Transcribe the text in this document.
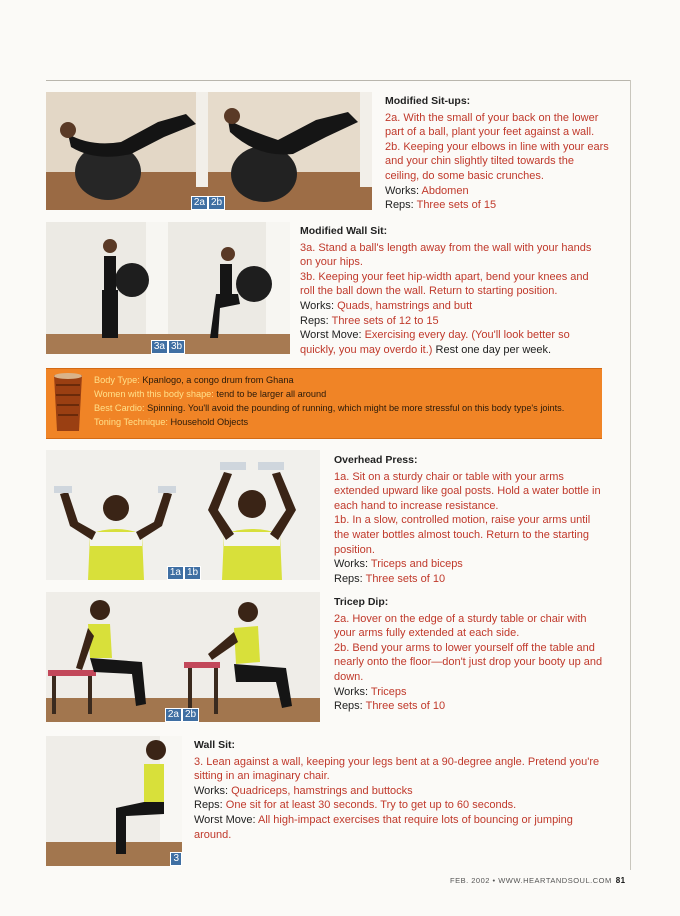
2a 2b

Modified Sit-ups:

2a. With the small of your back on the lower part of a ball, plant your feet against a wall.

2b. Keeping your elbows in line with your ears and your chin slightly tilted towards the ceiling, do some basic crunches.

Works: Abdomen

Reps: Three sets of 15

3a 3b

Modified Wall Sit:

3a. Stand a ball's length away from the wall with your hands on your hips.

3b. Keeping your feet hip-width apart, bend your knees and roll the ball down the wall. Return to starting position.

Works: Quads, hamstrings and butt

Reps: Three sets of 12 to 15

Worst Move: Exercising every day. (You'll look better so quickly, you may overdo it.) Rest one day per week.

Body Type: Kpanlogo, a congo drum from Ghana
Women with this body shape: tend to be larger all around
Best Cardio: Spinning. You'll avoid the pounding of running, which might be more stressful on this body type's joints.
Toning Technique: Household Objects
1a 1b

Overhead Press:

1a. Sit on a sturdy chair or table with your arms extended upward like goal posts. Hold a water bottle in each hand to increase resistance.

1b. In a slow, controlled motion, raise your arms until the water bottles almost touch. Return to the starting position.

Works: Triceps and biceps

Reps: Three sets of 10

2a 2b

Tricep Dip:

2a. Hover on the edge of a sturdy table or chair with your arms fully extended at each side.

2b. Bend your arms to lower yourself off the table and nearly onto the floor—don't just drop your booty up and down.

Works: Triceps

Reps: Three sets of 10

3

Wall Sit:

3. Lean against a wall, keeping your legs bent at a 90-degree angle. Pretend you're sitting in an imaginary chair.

Works: Quadriceps, hamstrings and buttocks

Reps: One sit for at least 30 seconds. Try to get up to 60 seconds.

Worst Move: All high-impact exercises that require lots of bouncing or jumping around.

FEB. 2002 • WWW.HEARTANDSOUL.COM 81
